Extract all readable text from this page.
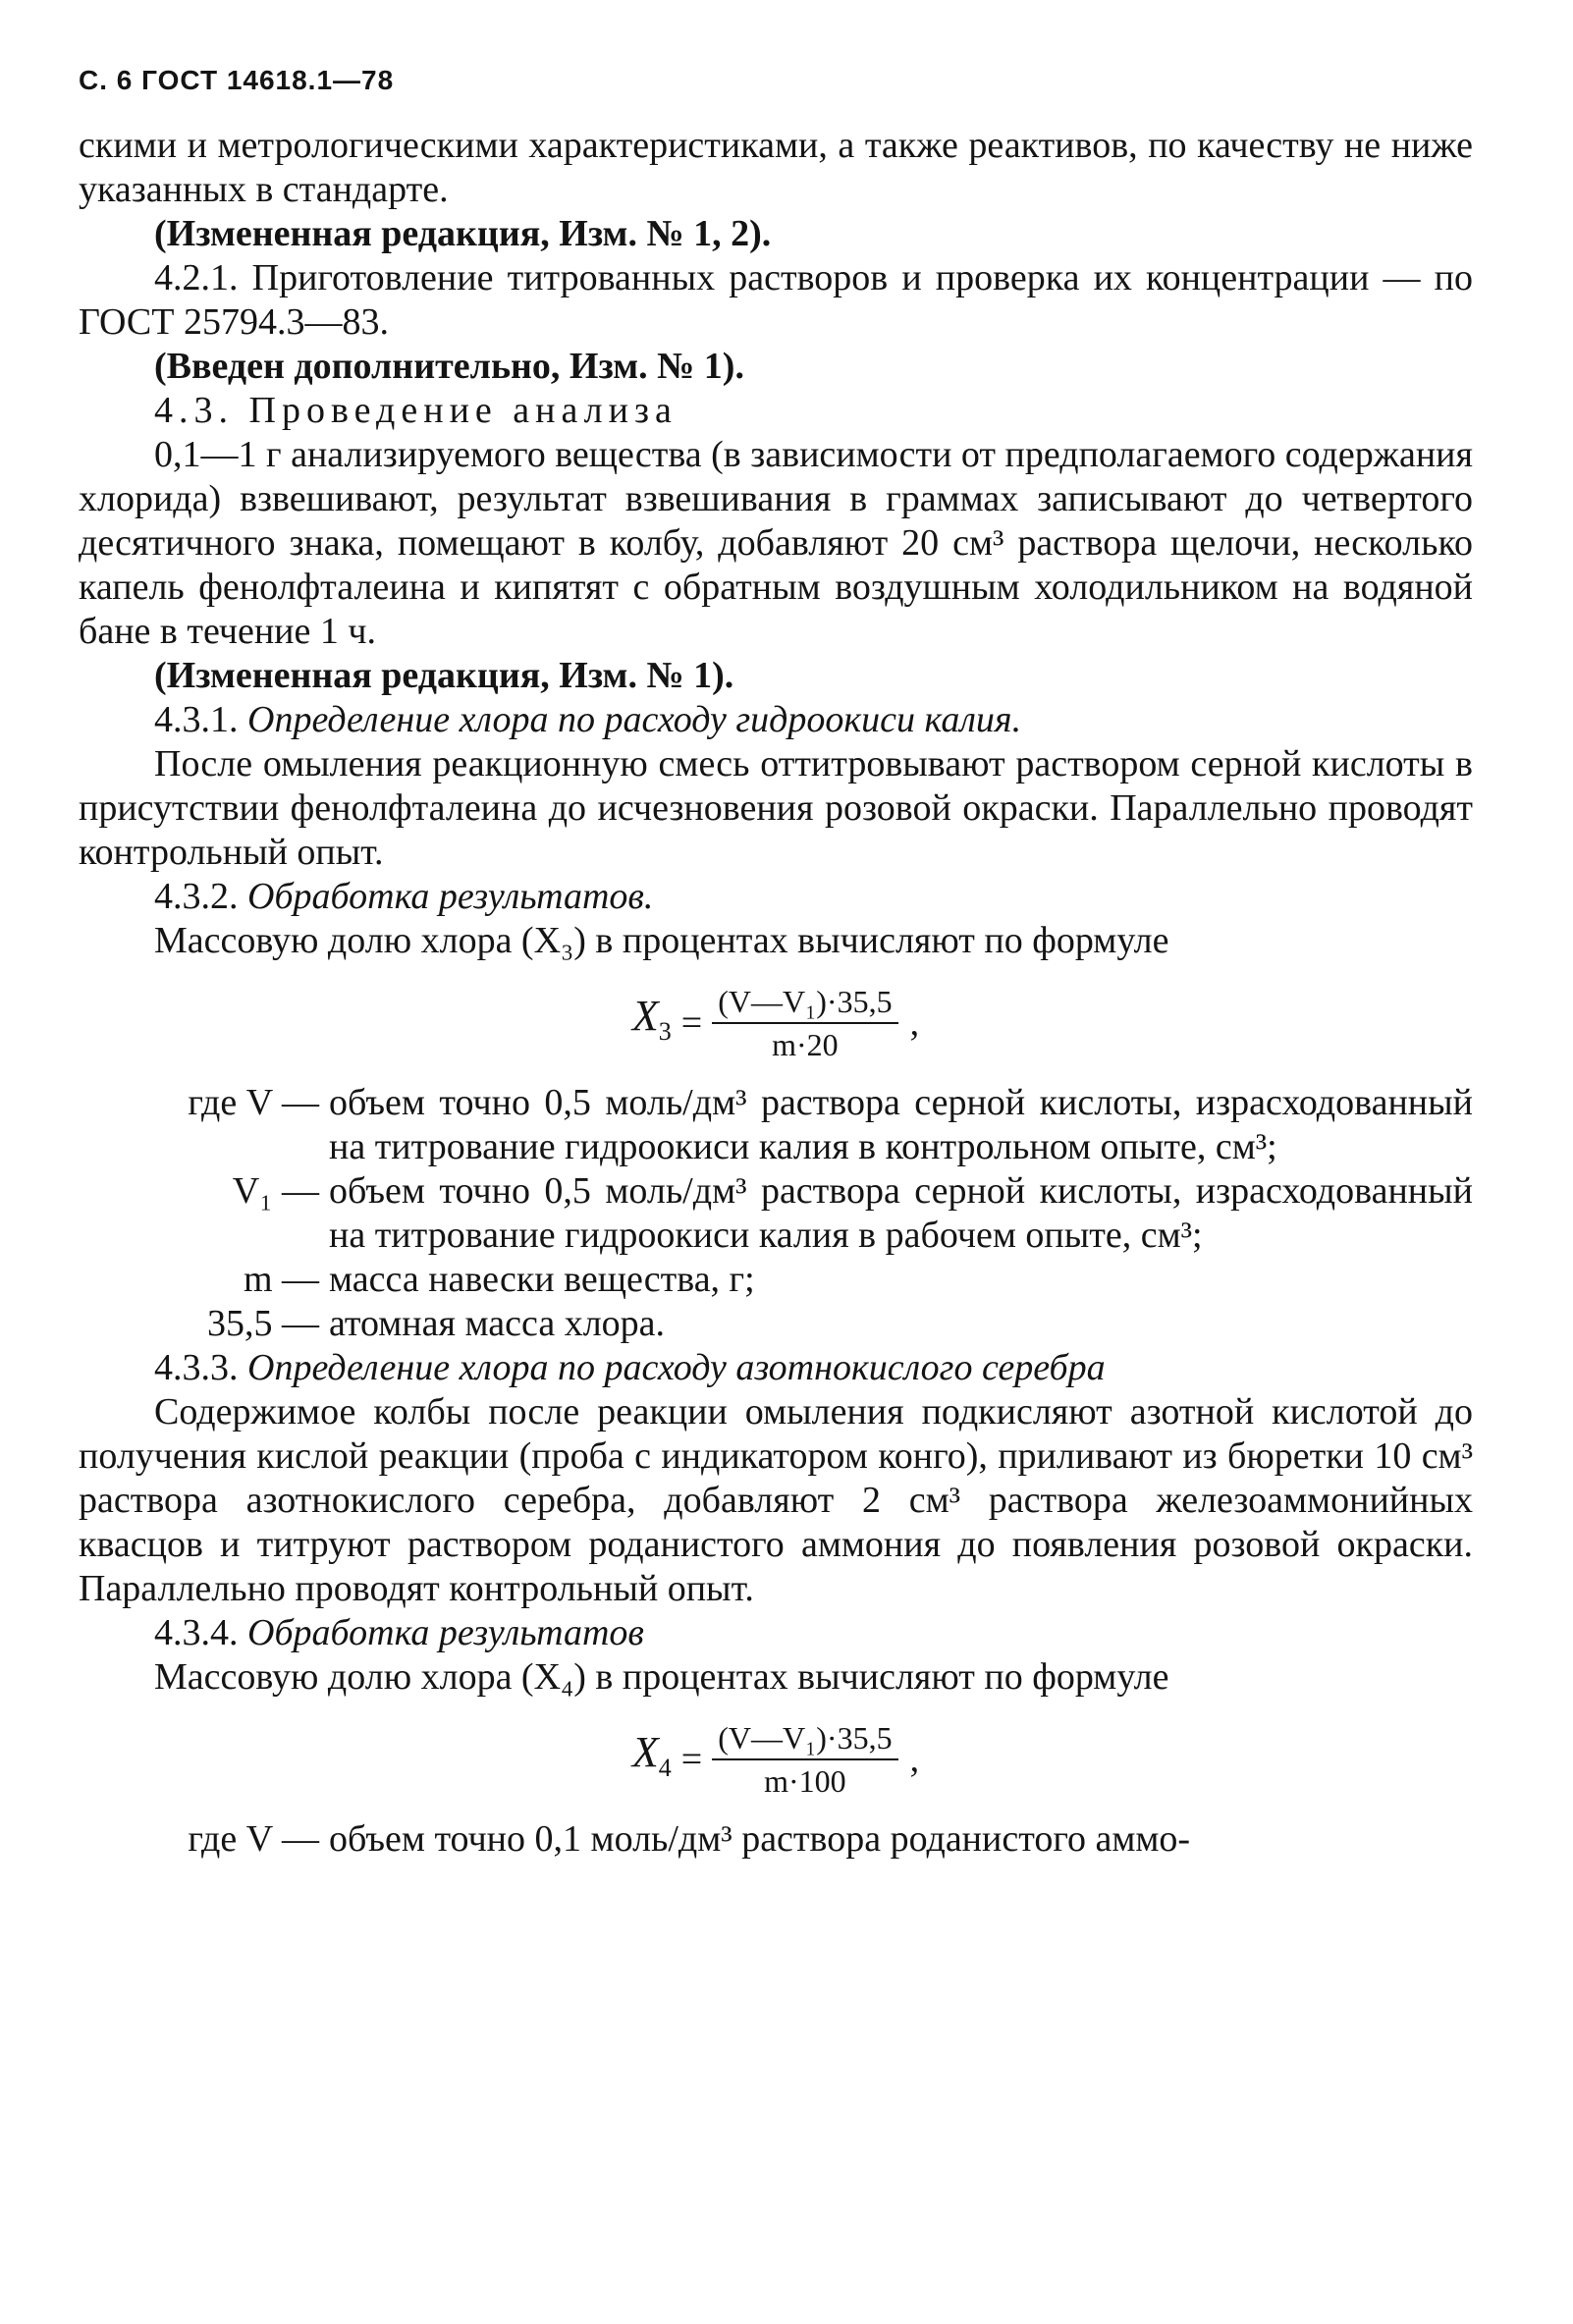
С. 6 ГОСТ 14618.1—78

скими и метрологическими характеристиками, а также реактивов, по качеству не ниже указанных в стандарте.

(Измененная редакция, Изм. № 1, 2).

4.2.1. Приготовление титрованных растворов и проверка их концентрации — по ГОСТ 25794.3—83.

(Введен дополнительно, Изм. № 1).

4.3. Проведение анализа

0,1—1 г анализируемого вещества (в зависимости от предполагаемого содержания хлорида) взвешивают, результат взвешивания в граммах записывают до четвертого десятичного знака, помещают в колбу, добавляют 20 см³ раствора щелочи, несколько капель фенолфталеина и кипятят с обратным воздушным холодильником на водяной бане в течение 1 ч.

(Измененная редакция, Изм. № 1).

4.3.1. Определение хлора по расходу гидроокиси калия.

После омыления реакционную смесь оттитровывают раствором серной кислоты в присутствии фенолфталеина до исчезновения розовой окраски. Параллельно проводят контрольный опыт.

4.3.2. Обработка результатов.

Массовую долю хлора (X₃) в процентах вычисляют по формуле

$X_3 = \frac{\text{(V—V₁)·35,5}}{m\cdot 20}$ ,
где V — объем точно 0,5 моль/дм³ раствора серной кислоты, израсходованный на титрование гидроокиси калия в контрольном опыте, см³;
V₁ — объем точно 0,5 моль/дм³ раствора серной кислоты, израсходованный на титрование гидроокиси калия в рабочем опыте, см³;
m — масса навески вещества, г;
35,5 — атомная масса хлора.

4.3.3. Определение хлора по расходу азотнокислого серебра

Содержимое колбы после реакции омыления подкисляют азотной кислотой до получения кислой реакции (проба с индикатором конго), приливают из бюретки 10 см³ раствора азотнокислого серебра, добавляют 2 см³ раствора железоаммонийных квасцов и титруют раствором роданистого аммония до появления розовой окраски. Параллельно проводят контрольный опыт.

4.3.4. Обработка результатов

Массовую долю хлора (X₄) в процентах вычисляют по формуле

$X_4 = \frac{\text{(V—V₁)·35,5}}{m\cdot 100}$ ,
где V — объем точно 0,1 моль/дм³ раствора роданистого аммо-
